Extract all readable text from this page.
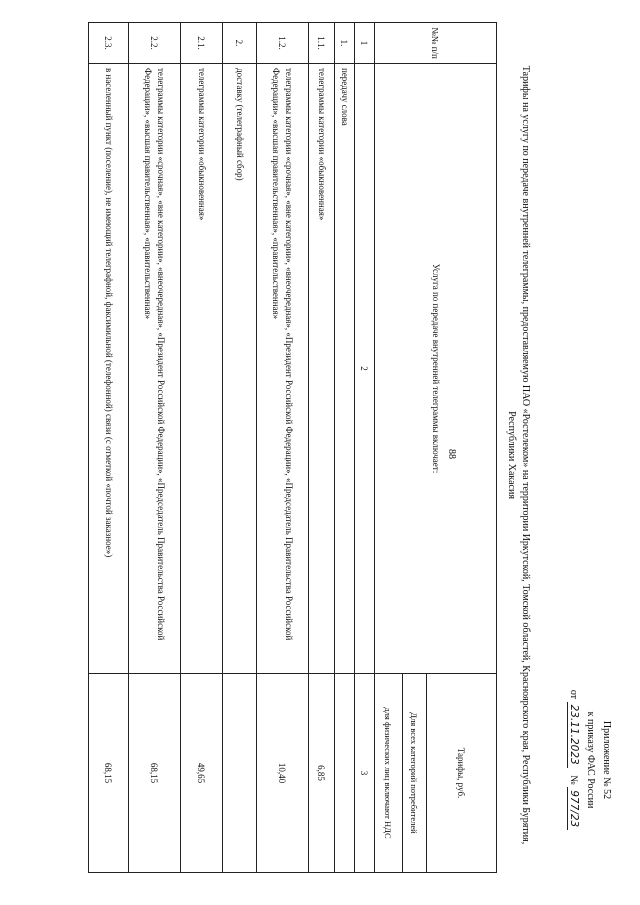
88
Приложение № 52
к приказу ФАС России
от 23.11.2023   № 977/23
Тарифы на услугу по передаче внутренней телеграммы, предоставляемую ПАО «Ростелеком» на территории Иркутской, Томской областей, Красноярского края, Республики Бурятия, Республики Хакасия
№№ п/п	Услуга по передаче внутренней телеграммы включает:	Тарифы, руб.
		Для всех категорий потребителей
		для физических лиц включают НДС
1	2	3
1.	передачу слова	
1.1.	телеграммы категории «обыкновенная»	6,85
1.2.	телеграммы категории «срочная», «вне категории», «внеочередная», «Президент Российской Федерации», «Председатель Правительства Российской Федерации», «высшая правительственная», «правительственная»	10,40
2.	доставку (телеграфный сбор)	
2.1.	телеграммы категории «обыкновенная»	49,65
2.2.	телеграммы категории «срочная», «вне категории», «внеочередная», «Президент Российской Федерации», «Председатель Правительства Российской Федерации», «высшая правительственная», «правительственная»	68,15
2.3.	в населенный пункт (поселение), не имеющий телеграфной, факсимильной (телефонной) связи (с отметкой «почтой заказное»)	68,15
